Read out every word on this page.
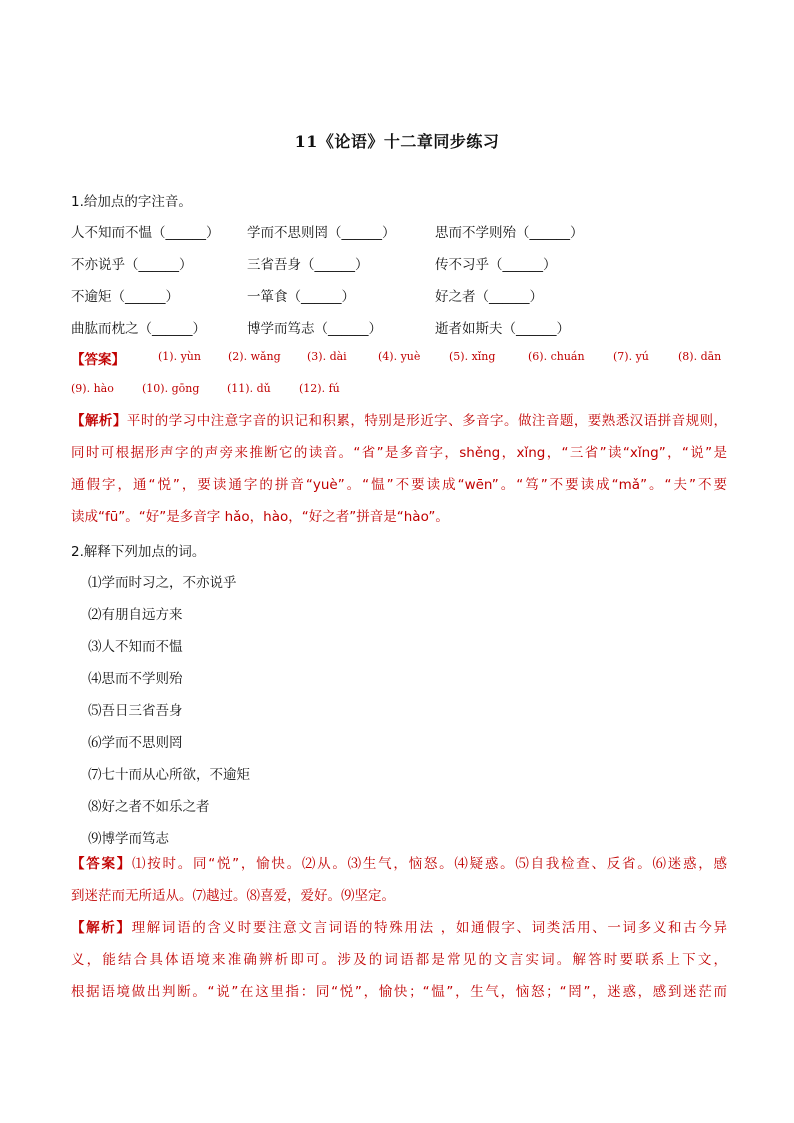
11《论语》十二章同步练习
1.给加点的字注音。
人不知而不愠（______） 学而不思则罔（______）	思而不学则殆（______）
不亦说乎（______）	三省吾身（______）	传不习乎（______）
不逾矩（______）	一箪食（______）	好之者（______）
曲肱而枕之（______）	博学而笃志（______）	逝者如斯夫（______）
【答案】	(1). yùn (2). wǎng (3). dài	(4). yuè	(5). xǐng	(6). chuán	(7). yú	(8). dān
(9). hào	(10). gōng	(11). dǔ	(12). fú
【解析】平时的学习中注意字音的识记和积累，特别是形近字、多音字。做注音题，要熟悉汉语拼音规则，
同时可根据形声字的声旁来推断它的读音。“省”是多音字，shěng，xǐng，“三省”读“xǐng”，“说”是
通假字，通“悦”，要读通字的拼音“yuè”。“愠”不要读成“wēn”。“笃”不要读成“mǎ”。“夫”不要
读成“fū”。“好”是多音字 hǎo，hào，“好之者”拼音是“hào”。
2.解释下列加点的词。
⑴学而时习之，不亦说乎
⑵有朋自远方来
⑶人不知而不愠
⑷思而不学则殆
⑸吾日三省吾身
⑹学而不思则罔
⑺七十而从心所欲，不逾矩
⑻好之者不如乐之者
⑼博学而笃志
【答案】⑴按时。同“悦”，愉快。⑵从。⑶生气，恼怒。⑷疑惑。⑸自我检查、反省。⑹迷惑，感
到迷茫而无所适从。⑺越过。⑻喜爱，爱好。⑼坚定。
【解析】理解词语的含义时要注意文言词语的特殊用法 ，如通假字、词类活用、一词多义和古今异
义，能结合具体语境来准确辨析即可。涉及的词语都是常见的文言实词。解答时要联系上下文，
根据语境做出判断。“说”在这里指：同“悦”，愉快；“愠”，生气，恼怒；“罔”，迷惑，感到迷茫而
